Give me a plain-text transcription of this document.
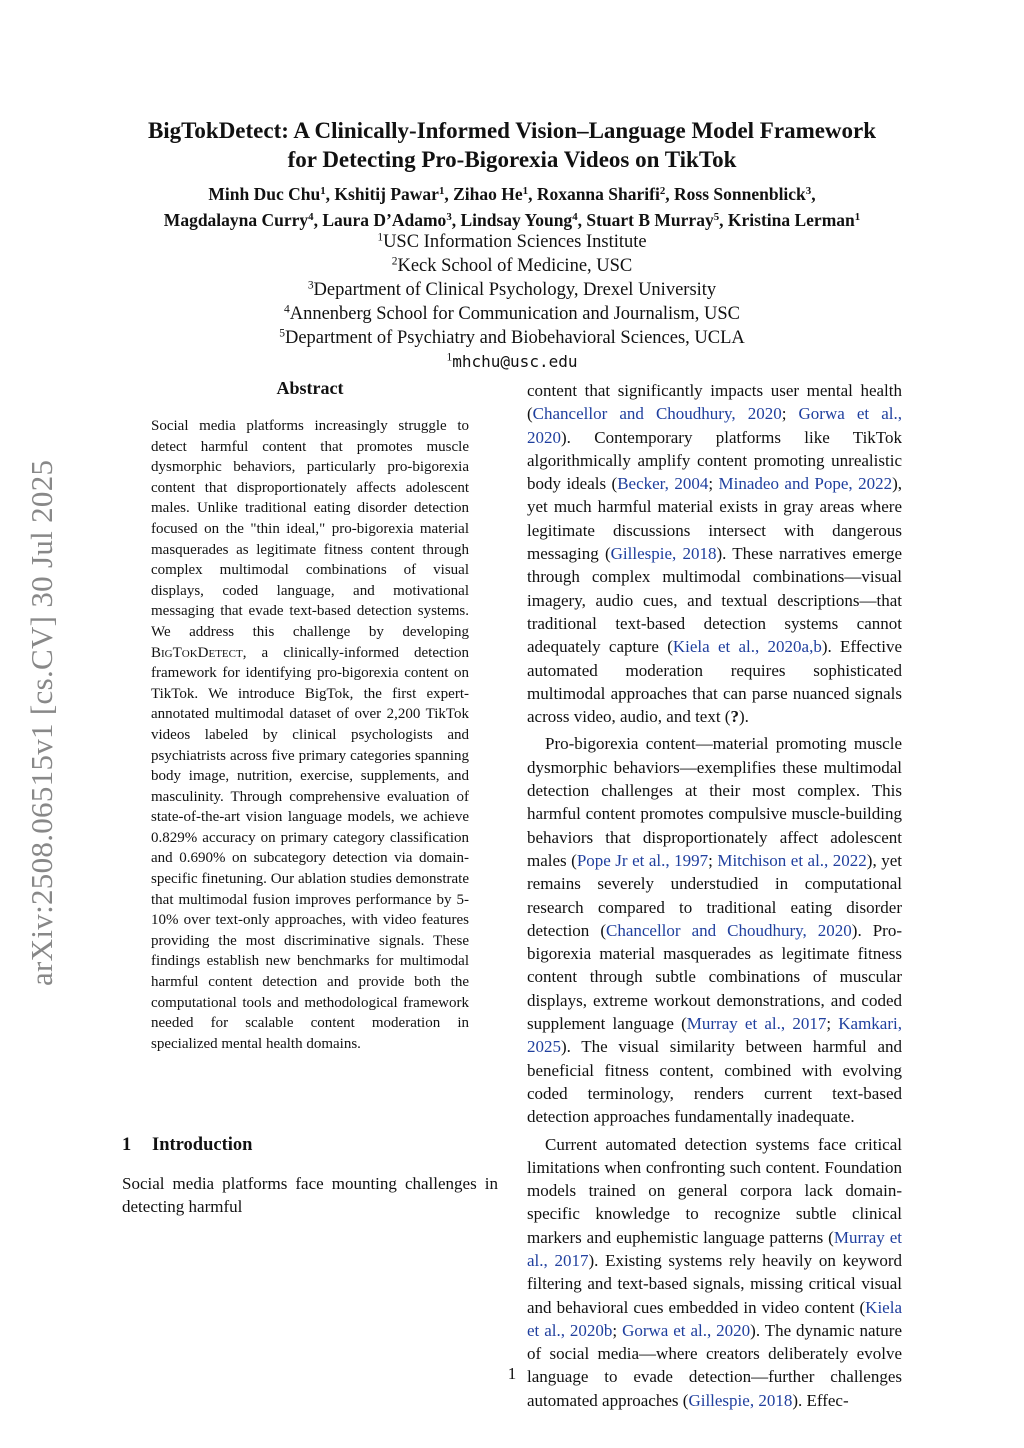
arXiv:2508.06515v1 [cs.CV] 30 Jul 2025
BigTokDetect: A Clinically-Informed Vision–Language Model Framework
for Detecting Pro-Bigorexia Videos on TikTok
Minh Duc Chu$^1$, Kshitij Pawar$^1$, Zihao He$^1$, Roxanna Sharifi$^2$, Ross Sonnenblick$^3$,
Magdalayna Curry$^4$, Laura D’Adamo$^3$, Lindsay Young$^4$, Stuart B Murray$^5$, Kristina Lerman$^1$
$^1$USC Information Sciences Institute
$^2$Keck School of Medicine, USC
$^3$Department of Clinical Psychology, Drexel University
$^4$Annenberg School for Communication and Journalism, USC
$^5$Department of Psychiatry and Biobehavioral Sciences, UCLA
$^1$mhchu@usc.edu
Abstract

Social media platforms increasingly struggle to detect harmful content that promotes muscle dysmorphic behaviors, particularly pro-bigorexia content that disproportionately affects adolescent males. Unlike traditional eating disorder detection focused on the "thin ideal," pro-bigorexia material masquerades as legitimate fitness content through complex multimodal combinations of visual displays, coded language, and motivational messaging that evade text-based detection systems. We address this challenge by developing BigTokDetect, a clinically-informed detection framework for identifying pro-bigorexia content on TikTok. We introduce BigTok, the first expert-annotated multimodal dataset of over 2,200 TikTok videos labeled by clinical psychologists and psychiatrists across five primary categories spanning body image, nutrition, exercise, supplements, and masculinity. Through comprehensive evaluation of state-of-the-art vision language models, we achieve 0.829% accuracy on primary category classification and 0.690% on subcategory detection via domain-specific finetuning. Our ablation studies demonstrate that multimodal fusion improves performance by 5-10% over text-only approaches, with video features providing the most discriminative signals. These findings establish new benchmarks for multimodal harmful content detection and provide both the computational tools and methodological framework needed for scalable content moderation in specialized mental health domains.

1 Introduction

Social media platforms face mounting challenges in detecting harmful

content that significantly impacts user mental health (Chancellor and Choudhury, 2020; Gorwa et al., 2020). Contemporary platforms like TikTok algorithmically amplify content promoting unrealistic body ideals (Becker, 2004; Minadeo and Pope, 2022), yet much harmful material exists in gray areas where legitimate discussions intersect with dangerous messaging (Gillespie, 2018). These narratives emerge through complex multimodal combinations—visual imagery, audio cues, and textual descriptions—that traditional text-based detection systems cannot adequately capture (Kiela et al., 2020a,b). Effective automated moderation requires sophisticated multimodal approaches that can parse nuanced signals across video, audio, and text (?).

Pro-bigorexia content—material promoting muscle dysmorphic behaviors—exemplifies these multimodal detection challenges at their most complex. This harmful content promotes compulsive muscle-building behaviors that disproportionately affect adolescent males (Pope Jr et al., 1997; Mitchison et al., 2022), yet remains severely understudied in computational research compared to traditional eating disorder detection (Chancellor and Choudhury, 2020). Pro-bigorexia material masquerades as legitimate fitness content through subtle combinations of muscular displays, extreme workout demonstrations, and coded supplement language (Murray et al., 2017; Kamkari, 2025). The visual similarity between harmful and beneficial fitness content, combined with evolving coded terminology, renders current text-based detection approaches fundamentally inadequate.

Current automated detection systems face critical limitations when confronting such content. Foundation models trained on general corpora lack domain-specific knowledge to recognize subtle clinical markers and euphemistic language patterns (Murray et al., 2017). Existing systems rely heavily on keyword filtering and text-based signals, missing critical visual and behavioral cues embedded in video content (Kiela et al., 2020b; Gorwa et al., 2020). The dynamic nature of social media—where creators deliberately evolve language to evade detection—further challenges automated approaches (Gillespie, 2018). Effec-

1
